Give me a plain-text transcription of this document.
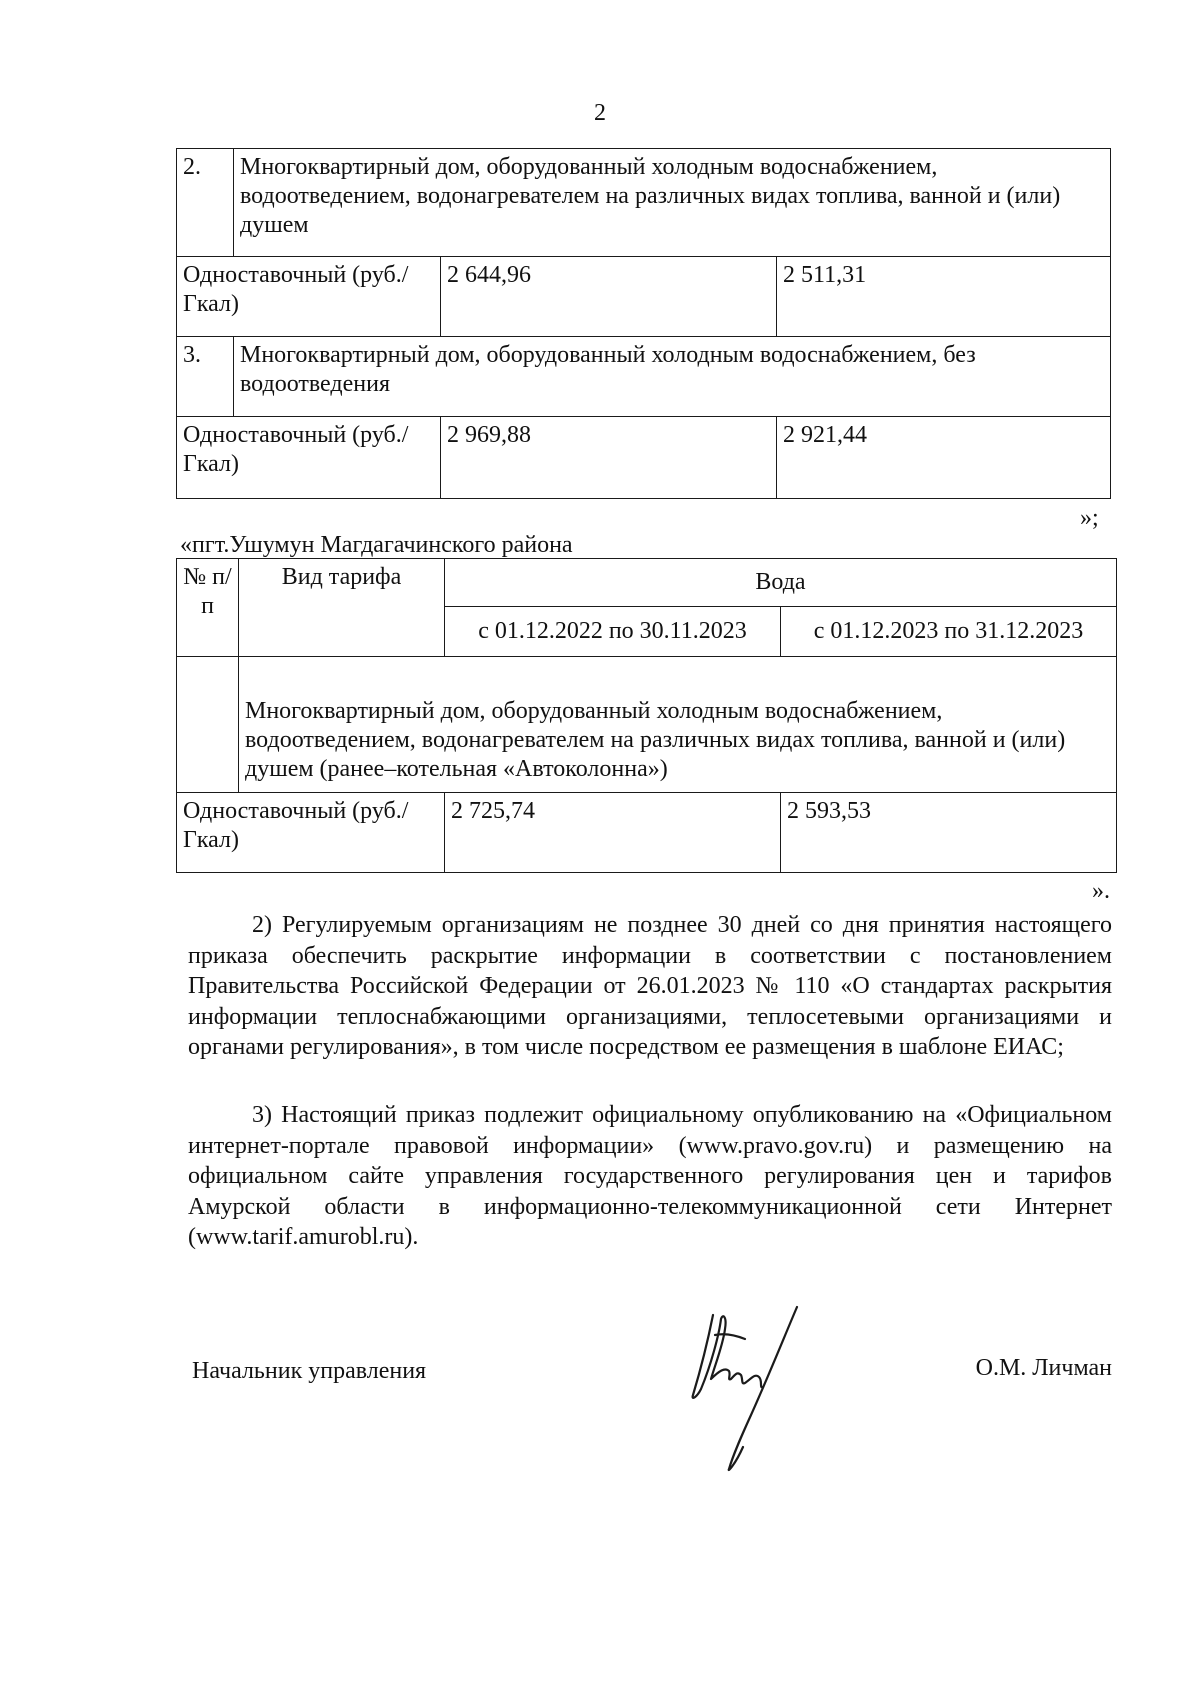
2
2.	Многоквартирный дом, оборудованный холодным водоснабжением, водоотведением, водонагревателем на различных видах топлива, ванной и (или) душем		
Одноставочный (руб./Гкал)		2 644,96	2 511,31
3.	Многоквартирный дом, оборудованный холодным водоснабжением, без водоотведения		
Одноставочный (руб./Гкал)		2 969,88	2 921,44
»;
«пгт.Ушумун Магдагачинского района
№ п/п	Вид тарифа	Вода	
		с 01.12.2022 по 30.11.2023	с 01.12.2023 по 31.12.2023
	Многоквартирный дом, оборудованный холодным водоснабжением, водоотведением, водонагревателем на различных видах топлива, ванной и (или) душем (ранее–котельная «Автоколонна»)		
Одноставочный (руб./Гкал)		2 725,74	2 593,53
».
2) Регулируемым организациям не позднее 30 дней со дня принятия настоящего приказа обеспечить раскрытие информации в соответствии с постановлением Правительства Российской Федерации от 26.01.2023 № 110 «О стандартах раскрытия информации теплоснабжающими организациями, теплосетевыми организациями и органами регулирования», в том числе посредством ее размещения в шаблоне ЕИАС;
3) Настоящий приказ подлежит официальному опубликованию на «Официальном интернет-портале правовой информации» (www.pravo.gov.ru) и размещению на официальном сайте управления государственного регулирования цен и тарифов Амурской области в информационно-телекоммуникационной сети Интернет (www.tarif.amurobl.ru).
Начальник управления	О.М. Личман
